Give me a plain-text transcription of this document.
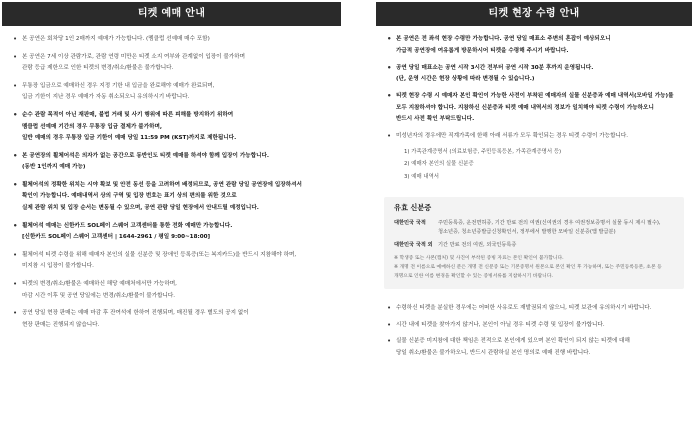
티켓 예매 안내
• 본 공연은 회차당 1인 2매까지 예매가 가능합니다. (멤클럽 선예매 매수 포함)
• 본 공연은 7세 이상 관람가로, 관람 연령 미만은 티켓 소지 여부와 관계없이 입장이 불가하며
관람 등급 제한으로 인한 티켓의 변경/취소/환불은 불가합니다.
• 무통장 입금으로 예매하신 경우 지정 기한 내 입금을 완료해야 예매가 완료되며,
입금 기한이 지난 경우 예매가 자동 취소되오니 유의하시기 바랍니다.
• 순수 관람 목적이 아닌 재판매, 불법 거래 및 사기 행위에 따른 피해를 방지하기 위하여
멤클럽 선예매 기간의 경우 무통장 입금 결제가 불가하며,
일반 예매의 경우 무통장 입금 기한이 예매 당일 11:59 PM (KST)까지로 제한됩니다.
• 본 공연장의 휠체어석은 의자가 없는 공간으로 동반인도 티켓 예매를 하셔야 함께 입장이 가능합니다.
(동반 1인까지 예매 가능)
• 휠체어석의 정확한 위치는 시야 확보 및 안전 동선 등을 고려하여 배정되므로, 공연 관람 당일 공연장에 입장하셔서
확인이 가능합니다. 예매내역서 상의 구역 및 입장 번호는 표기 상의 편의를 위한 것으로
실제 관람 위치 및 입장 순서는 변동될 수 있으며, 공연 관람 당일 현장에서 안내드릴 예정입니다.
• 휠체어석 예매는 신한카드 SOL페이 스퀘어 고객센터를 통한 전화 예매만 가능합니다.
[신한카드 SOL페이 스퀘어 고객센터 | 1644-2961 / 평일 9:00~18:00]
• 휠체어석 티켓 수령을 위해 예매자 본인의 실물 신분증 및 장애인 등록증(또는 복지카드)을 반드시 지참해야 하며,
미지참 시 입장이 불가합니다.
• 티켓의 변경/취소/환불은 예매하신 해당 예매처에서만 가능하며,
마감 시간 이후 및 공연 당일에는 변경/취소/환불이 불가합니다.
• 공연 당일 현장 판매는 예매 마감 후 잔여석에 한하여 진행되며, 매진될 경우 별도의 공지 없이
현장 판매는 진행되지 않습니다.
티켓 현장 수령 안내
• 본 공연은 전 좌석 현장 수령만 가능합니다. 공연 당일 매표소 주변의 혼잡이 예상되오니
가급적 공연장에 여유롭게 방문하시어 티켓을 수령해 주시기 바랍니다.
• 공연 당일 매표소는 공연 시작 3시간 전부터 공연 시작 30분 후까지 운영됩니다.
(단, 운영 시간은 현장 상황에 따라 변경될 수 있습니다.)
• 티켓 현장 수령 시 예매자 본인 확인이 가능한 사전이 부착된 예매자의 실물 신분증과 예매 내역서(모바일 가능)를
모두 지참하셔야 합니다. 지참하신 신분증과 티켓 예매 내역서의 정보가 일치해야 티켓 수령이 가능하오니
반드시 사전 확인 부탁드립니다.
• 미성년자의 경우에만 직계가족에 한해 아래 서류가 모두 확인되는 경우 티켓 수령이 가능합니다.
1) 가족관계증명서 (의료보험증, 주민등록등본, 가족관계증명서 등)
2) 예매자 본인의 실물 신분증
3) 예매 내역서
유효 신분증
대한민국 국적	주민등록증, 운전면허증, 기간 만료 전의 여권(신여권의 경우 여권정보증명서 실물 동시 제시 필수),
청소년증, 청소년증발급신청확인서, 정부에서 발행한 모바일 신분증(앱 발급분)
대한민국 국적 외	기간 만료 전의 여권, 외국인등록증
※ 학생증 또는 사본(캡처) 및 사진이 부착된 증빙 자료는 본인 확인이 불가합니다.
※ 개명 전 이름으로 예매하신 분은 개명 전 신분증 또는 기본증명서 원본으로 본인 확인 후 가능하며, 또는 주민등록등본, 초본 등
개명으로 인한 이름 변경을 확인할 수 있는 증빙서류를 지참하시기 바랍니다.
• 수령하신 티켓을 분실한 경우에는 어떠한 사유로도 재발권되지 않으니, 티켓 보관에 유의하시기 바랍니다.
• 시간 내에 티켓을 찾아가지 않거나, 본인이 아닐 경우 티켓 수령 및 입장이 불가합니다.
• 실물 신분증 미지참에 대한 책임은 전적으로 본인에게 있으며 본인 확인이 되지 않는 티켓에 대해
당일 취소/환불은 불가하오니, 반드시 관람하실 본인 명의로 예매 진행 바랍니다.
